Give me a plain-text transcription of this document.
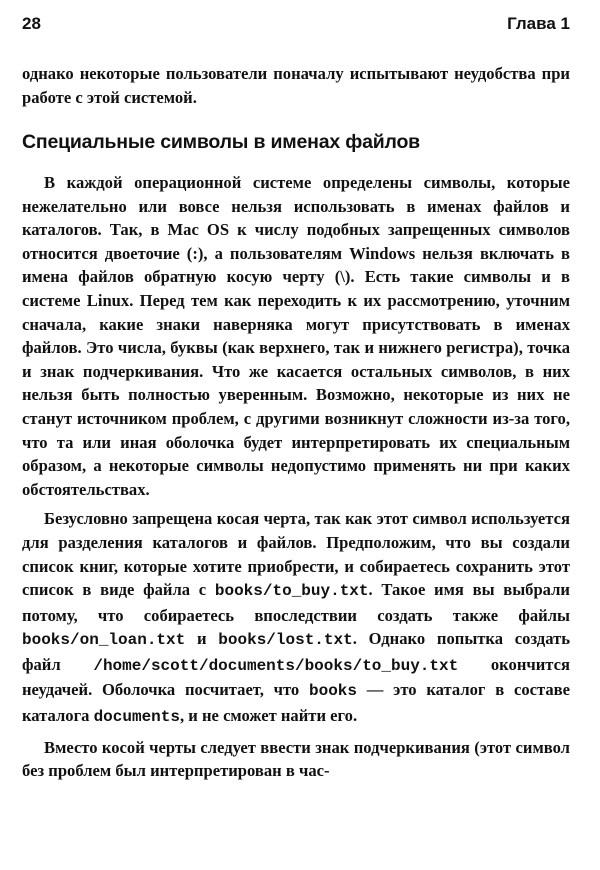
28	Глава 1
однако некоторые пользователи поначалу испытывают неудобства при работе с этой системой.
Специальные символы в именах файлов

В каждой операционной системе определены символы, которые нежелательно или вовсе нельзя использовать в именах файлов и каталогов. Так, в Mac OS к числу подобных запрещенных символов относится двоеточие (:), а пользователям Windows нельзя включать в имена файлов обратную косую черту (\). Есть такие символы и в системе Linux. Перед тем как переходить к их рассмотрению, уточним сначала, какие знаки наверняка могут присутствовать в именах файлов. Это числа, буквы (как верхнего, так и нижнего регистра), точка и знак подчеркивания. Что же касается остальных символов, в них нельзя быть полностью уверенным. Возможно, некоторые из них не станут источником проблем, с другими возникнут сложности из-за того, что та или иная оболочка будет интерпретировать их специальным образом, а некоторые символы недопустимо применять ни при каких обстоятельствах.

Безусловно запрещена косая черта, так как этот символ используется для разделения каталогов и файлов. Предположим, что вы создали список книг, которые хотите приобрести, и собираетесь сохранить этот список в виде файла с books/to_buy.txt. Такое имя вы выбрали потому, что собираетесь впоследствии создать также файлы books/on_loan.txt и books/lost.txt. Однако попытка создать файл /home/scott/documents/books/to_buy.txt окончится неудачей. Оболочка посчитает, что books — это каталог в составе каталога documents, и не сможет найти его.

Вместо косой черты следует ввести знак подчеркивания (этот символ без проблем был интерпретирован в час-
